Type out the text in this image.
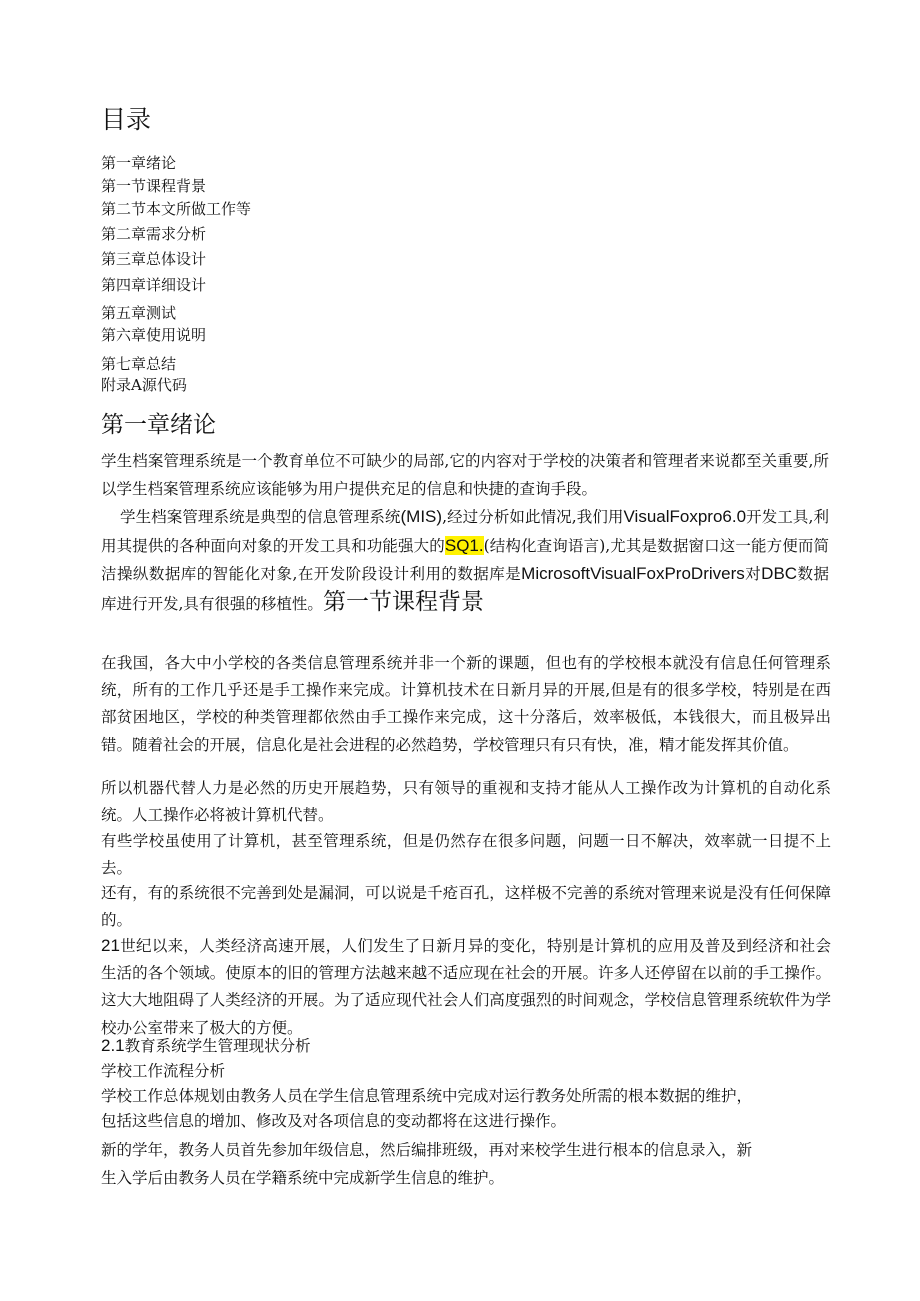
目录
第一章绪论
第一节课程背景
第二节本文所做工作等
第二章需求分析
第三章总体设计
第四章详细设计
第五章测试
第六章使用说明
第七章总结
附录A源代码
第一章绪论

学生档案管理系统是一个教育单位不可缺少的局部,它的内容对于学校的决策者和管理者来说都至关重要,所以学生档案管理系统应该能够为用户提供充足的信息和快捷的查询手段。

学生档案管理系统是典型的信息管理系统(MIS),经过分析如此情况,我们用VisualFoxpro6.0开发工具,利用其提供的各种面向对象的开发工具和功能强大的SQ1.(结构化查询语言),尤其是数据窗口这一能方便而简洁操纵数据库的智能化对象,在开发阶段设计利用的数据库是MicrosoftVisualFoxProDrivers对DBC数据库进行开发,具有很强的移植性。第一节课程背景

在我国，各大中小学校的各类信息管理系统并非一个新的课题，但也有的学校根本就没有信息任何管理系统，所有的工作几乎还是手工操作来完成。计算机技术在日新月异的开展,但是有的很多学校，特别是在西部贫困地区，学校的种类管理都依然由手工操作来完成，这十分落后，效率极低，本钱很大，而且极异出错。随着社会的开展，信息化是社会进程的必然趋势，学校管理只有只有快，准，精才能发挥其价值。

所以机器代替人力是必然的历史开展趋势，只有领导的重视和支持才能从人工操作改为计算机的自动化系统。人工操作必将被计算机代替。

有些学校虽使用了计算机，甚至管理系统，但是仍然存在很多问题，问题一日不解决，效率就一日提不上去。

还有，有的系统很不完善到处是漏洞，可以说是千疮百孔，这样极不完善的系统对管理来说是没有任何保障的。

21世纪以来，人类经济高速开展，人们发生了日新月异的变化，特别是计算机的应用及普及到经济和社会生活的各个领域。使原本的旧的管理方法越来越不适应现在社会的开展。许多人还停留在以前的手工操作。这大大地阻碍了人类经济的开展。为了适应现代社会人们高度强烈的时间观念，学校信息管理系统软件为学校办公室带来了极大的方便。

2.1教育系统学生管理现状分析

学校工作流程分析

学校工作总体规划由教务人员在学生信息管理系统中完成对运行教务处所需的根本数据的维护，

包括这些信息的增加、修改及对各项信息的变动都将在这进行操作。

新的学年，教务人员首先参加年级信息，然后编排班级，再对来校学生进行根本的信息录入，新

生入学后由教务人员在学籍系统中完成新学生信息的维护。
